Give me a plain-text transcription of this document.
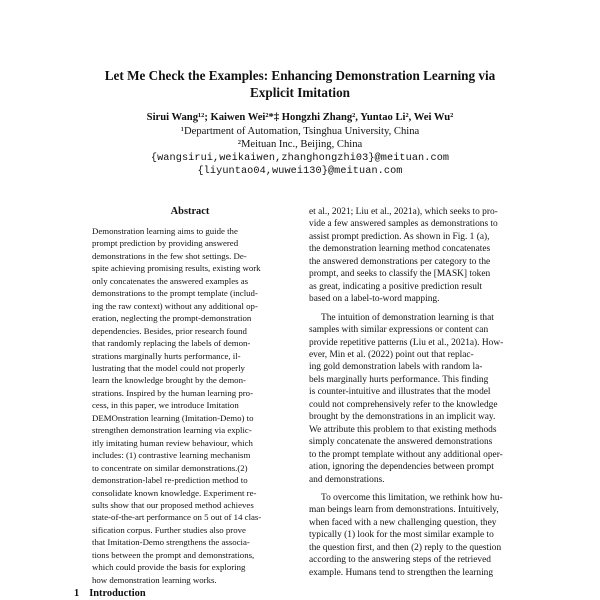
Let Me Check the Examples: Enhancing Demonstration Learning via
Explicit Imitation
Sirui Wang¹²; Kaiwen Wei²*‡ Hongzhi Zhang², Yuntao Li², Wei Wu²
¹Department of Automation, Tsinghua University, China
²Meituan Inc., Beijing, China
{wangsirui,weikaiwen,zhanghongzhi03}@meituan.com
{liyuntao04,wuwei130}@meituan.com
Abstract
Demonstration learning aims to guide the
prompt prediction by providing answered
demonstrations in the few shot settings. De-
spite achieving promising results, existing work
only concatenates the answered examples as
demonstrations to the prompt template (includ-
ing the raw context) without any additional op-
eration, neglecting the prompt-demonstration
dependencies. Besides, prior research found
that randomly replacing the labels of demon-
strations marginally hurts performance, il-
lustrating that the model could not properly
learn the knowledge brought by the demon-
strations. Inspired by the human learning pro-
cess, in this paper, we introduce Imitation
DEMOnstration learning (Imitation-Demo) to
strengthen demonstration learning via explic-
itly imitating human review behaviour, which
includes: (1) contrastive learning mechanism
to concentrate on similar demonstrations.(2)
demonstration-label re-prediction method to
consolidate known knowledge. Experiment re-
sults show that our proposed method achieves
state-of-the-art performance on 5 out of 14 clas-
sification corpus. Further studies also prove
that Imitation-Demo strengthens the associa-
tions between the prompt and demonstrations,
which could provide the basis for exploring
how demonstration learning works.
et al., 2021; Liu et al., 2021a), which seeks to pro-
vide a few answered samples as demonstrations to
assist prompt prediction. As shown in Fig. 1 (a),
the demonstration learning method concatenates
the answered demonstrations per category to the
prompt, and seeks to classify the [MASK] token
as great, indicating a positive prediction result
based on a label-to-word mapping.
The intuition of demonstration learning is that
samples with similar expressions or content can
provide repetitive patterns (Liu et al., 2021a). How-
ever, Min et al. (2022) point out that replac-
ing gold demonstration labels with random la-
bels marginally hurts performance. This finding
is counter-intuitive and illustrates that the model
could not comprehensively refer to the knowledge
brought by the demonstrations in an implicit way.
We attribute this problem to that existing methods
simply concatenate the answered demonstrations
to the prompt template without any additional oper-
ation, ignoring the dependencies between prompt
and demonstrations.
To overcome this limitation, we rethink how hu-
man beings learn from demonstrations. Intuitively,
when faced with a new challenging question, they
typically (1) look for the most similar example to
the question first, and then (2) reply to the question
according to the answering steps of the retrieved
example. Humans tend to strengthen the learning
1 Introduction
